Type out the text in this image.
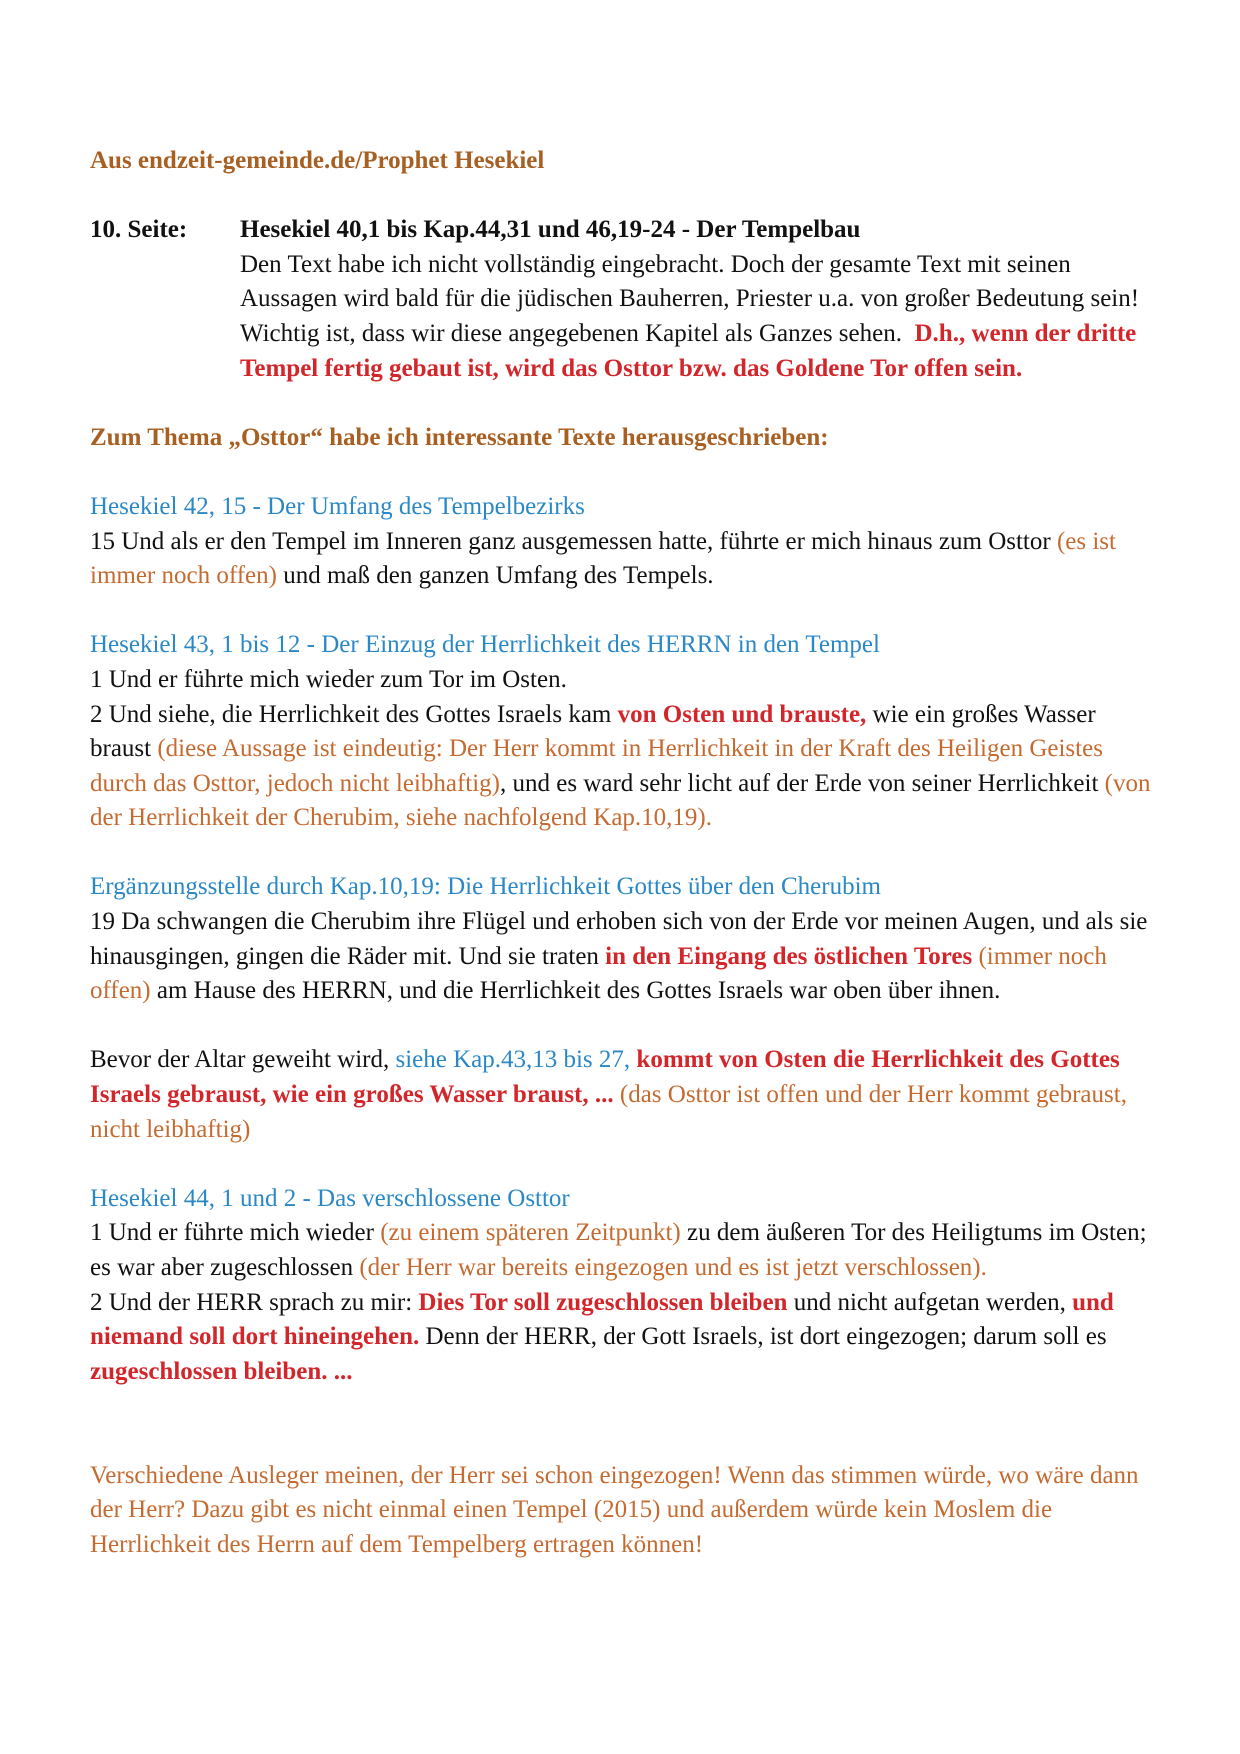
Aus endzeit-gemeinde.de/Prophet Hesekiel
10. Seite: Hesekiel 40,1 bis Kap.44,31 und 46,19-24 - Der Tempelbau
Den Text habe ich nicht vollständig eingebracht. Doch der gesamte Text mit seinen
Aussagen wird bald für die jüdischen Bauherren, Priester u.a. von großer Bedeutung sein!
Wichtig ist, dass wir diese angegebenen Kapitel als Ganzes sehen.  D.h., wenn der dritte
Tempel fertig gebaut ist, wird das Osttor bzw. das Goldene Tor offen sein.
Zum Thema „Osttor“ habe ich interessante Texte herausgeschrieben:
Hesekiel 42, 15 - Der Umfang des Tempelbezirks
15 Und als er den Tempel im Inneren ganz ausgemessen hatte, führte er mich hinaus zum Osttor (es ist
immer noch offen) und maß den ganzen Umfang des Tempels.
Hesekiel 43, 1 bis 12 - Der Einzug der Herrlichkeit des HERRN in den Tempel
1 Und er führte mich wieder zum Tor im Osten.
2 Und siehe, die Herrlichkeit des Gottes Israels kam von Osten und brauste, wie ein großes Wasser
braust (diese Aussage ist eindeutig: Der Herr kommt in Herrlichkeit in der Kraft des Heiligen Geistes
durch das Osttor, jedoch nicht leibhaftig), und es ward sehr licht auf der Erde von seiner Herrlichkeit (von
der Herrlichkeit der Cherubim, siehe nachfolgend Kap.10,19).
Ergänzungsstelle durch Kap.10,19: Die Herrlichkeit Gottes über den Cherubim
19 Da schwangen die Cherubim ihre Flügel und erhoben sich von der Erde vor meinen Augen, und als sie
hinausgingen, gingen die Räder mit. Und sie traten in den Eingang des östlichen Tores (immer noch
offen) am Hause des HERRN, und die Herrlichkeit des Gottes Israels war oben über ihnen.
Bevor der Altar geweiht wird, siehe Kap.43,13 bis 27, kommt von Osten die Herrlichkeit des Gottes
Israels gebraust, wie ein großes Wasser braust, ... (das Osttor ist offen und der Herr kommt gebraust,
nicht leibhaftig)
Hesekiel 44, 1 und 2 - Das verschlossene Osttor
1 Und er führte mich wieder (zu einem späteren Zeitpunkt) zu dem äußeren Tor des Heiligtums im Osten;
es war aber zugeschlossen (der Herr war bereits eingezogen und es ist jetzt verschlossen).
2 Und der HERR sprach zu mir: Dies Tor soll zugeschlossen bleiben und nicht aufgetan werden, und
niemand soll dort hineingehen. Denn der HERR, der Gott Israels, ist dort eingezogen; darum soll es
zugeschlossen bleiben. ...
Verschiedene Ausleger meinen, der Herr sei schon eingezogen! Wenn das stimmen würde, wo wäre dann
der Herr? Dazu gibt es nicht einmal einen Tempel (2015) und außerdem würde kein Moslem die
Herrlichkeit des Herrn auf dem Tempelberg ertragen können!
